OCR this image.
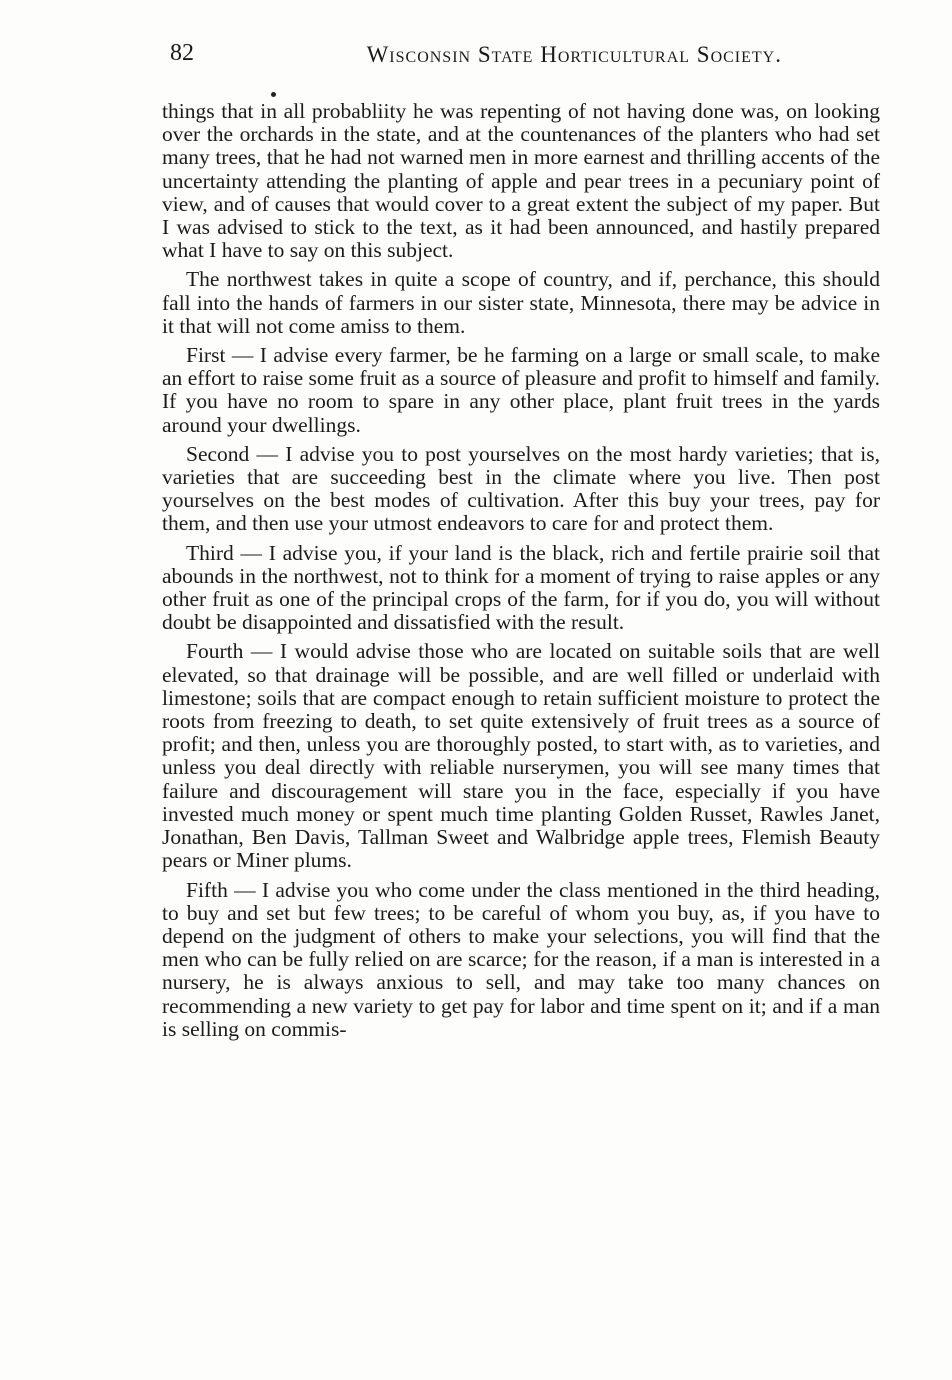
82	Wisconsin State Horticultural Society.

things that in all probabliity he was repenting of not having done was, on looking over the orchards in the state, and at the countenances of the planters who had set many trees, that he had not warned men in more earnest and thrilling accents of the uncertainty attending the planting of apple and pear trees in a pecuniary point of view, and of causes that would cover to a great extent the subject of my paper. But I was advised to stick to the text, as it had been announced, and hastily prepared what I have to say on this subject.

The northwest takes in quite a scope of country, and if, perchance, this should fall into the hands of farmers in our sister state, Minnesota, there may be advice in it that will not come amiss to them.

First — I advise every farmer, be he farming on a large or small scale, to make an effort to raise some fruit as a source of pleasure and profit to himself and family. If you have no room to spare in any other place, plant fruit trees in the yards around your dwellings.

Second — I advise you to post yourselves on the most hardy varieties; that is, varieties that are succeeding best in the climate where you live. Then post yourselves on the best modes of cultivation. After this buy your trees, pay for them, and then use your utmost endeavors to care for and protect them.

Third — I advise you, if your land is the black, rich and fertile prairie soil that abounds in the northwest, not to think for a moment of trying to raise apples or any other fruit as one of the principal crops of the farm, for if you do, you will without doubt be disappointed and dissatisfied with the result.

Fourth — I would advise those who are located on suitable soils that are well elevated, so that drainage will be possible, and are well filled or underlaid with limestone; soils that are compact enough to retain sufficient moisture to protect the roots from freezing to death, to set quite extensively of fruit trees as a source of profit; and then, unless you are thoroughly posted, to start with, as to varieties, and unless you deal directly with reliable nurserymen, you will see many times that failure and discouragement will stare you in the face, especially if you have invested much money or spent much time planting Golden Russet, Rawles Janet, Jonathan, Ben Davis, Tallman Sweet and Walbridge apple trees, Flemish Beauty pears or Miner plums.

Fifth — I advise you who come under the class mentioned in the third heading, to buy and set but few trees; to be careful of whom you buy, as, if you have to depend on the judgment of others to make your selections, you will find that the men who can be fully relied on are scarce; for the reason, if a man is interested in a nursery, he is always anxious to sell, and may take too many chances on recommending a new variety to get pay for labor and time spent on it; and if a man is selling on commis-
